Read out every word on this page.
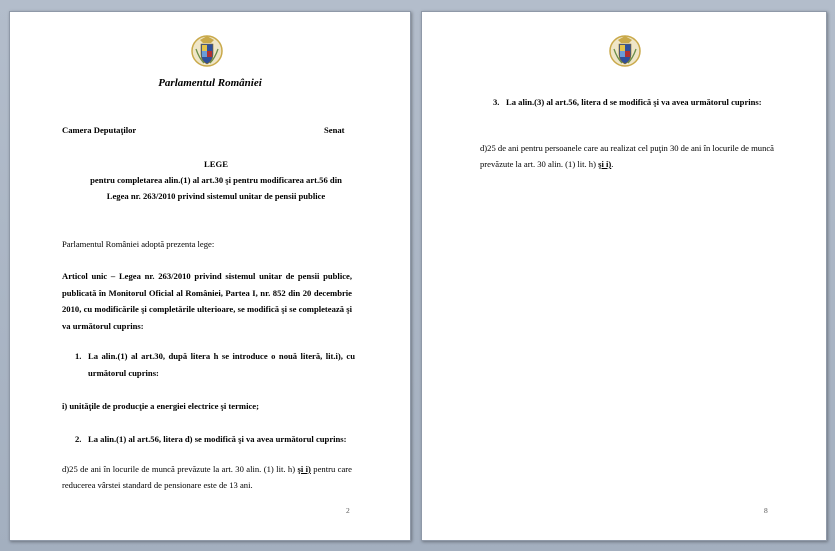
Parlamentul României
Camera Deputaţilor	Senat
LEGE
pentru completarea alin.(1) al art.30 şi pentru modificarea art.56 din
Legea nr. 263/2010 privind sistemul unitar de pensii publice
Parlamentul României adoptă prezenta lege:
Articol unic – Legea nr. 263/2010 privind sistemul unitar de pensii publice, publicată în Monitorul Oficial al României, Partea I, nr. 852 din 20 decembrie 2010, cu modificările şi completările ulterioare, se modifică şi se completează şi va următorul cuprins:
1. La alin.(1) al art.30, după litera h se introduce o nouă literă, lit.i), cu următorul cuprins:
i) unităţile de producţie a energiei electrice şi termice;
2. La alin.(1) al art.56, litera d) se modifică şi va avea următorul cuprins:
d)25 de ani în locurile de muncă prevăzute la art. 30 alin. (1) lit. h) şi i) pentru care reducerea vârstei standard de pensionare este de 13 ani.
2
3. La alin.(3) al art.56, litera d se modifică şi va avea următorul cuprins:
d)25 de ani pentru persoanele care au realizat cel puţin 30 de ani în locurile de muncă prevăzute la art. 30 alin. (1) lit. h) şi i).
8
